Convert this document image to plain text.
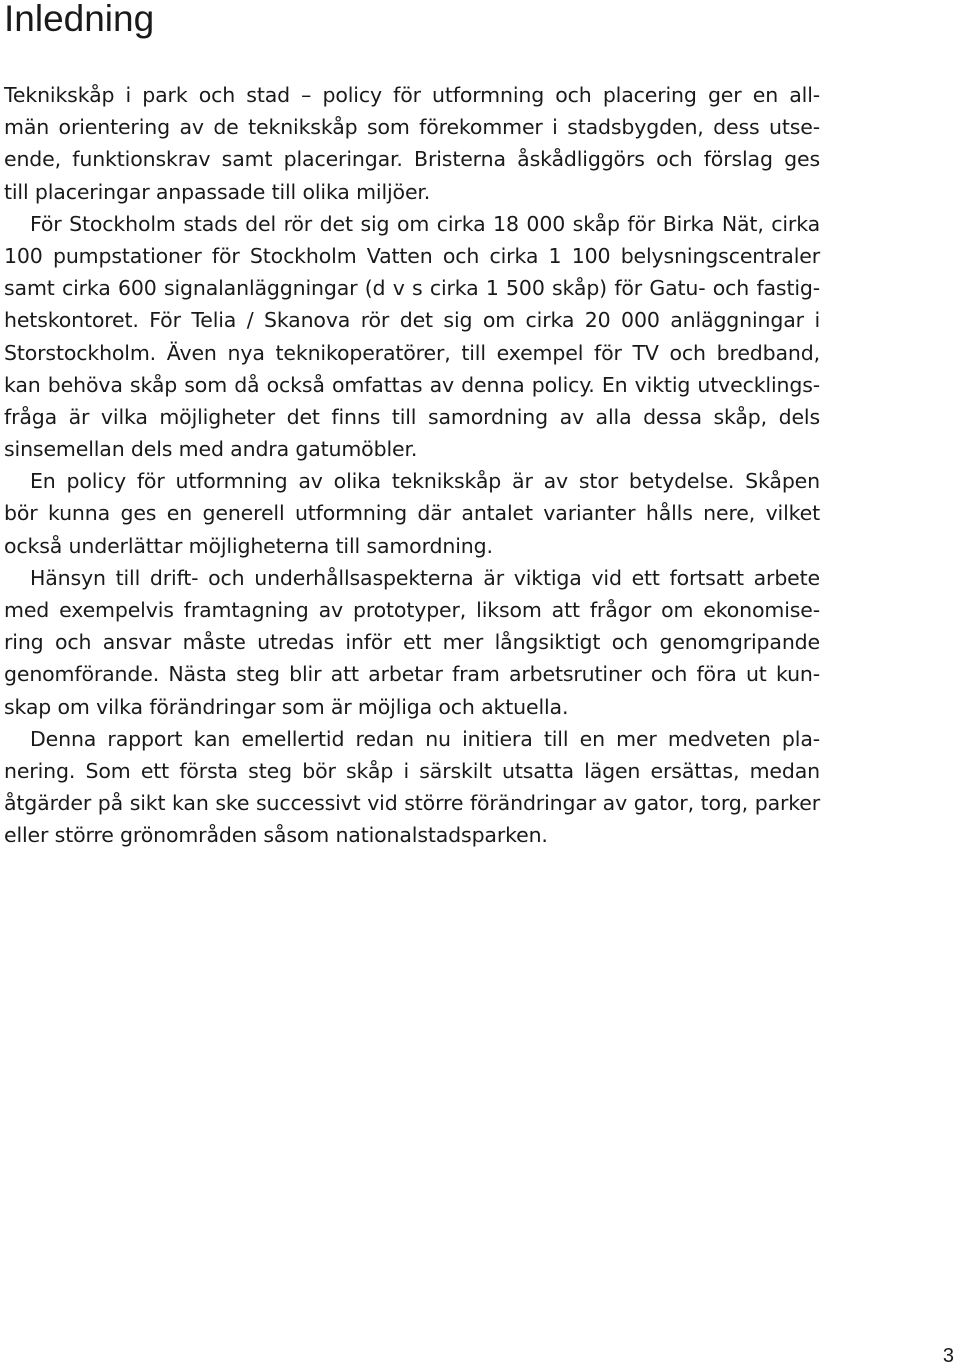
Inledning
Teknikskåp i park och stad – policy för utformning och placering ger en all-
män orientering av de teknikskåp som förekommer i stadsbygden, dess utse-
ende, funktionskrav samt placeringar. Bristerna åskådliggörs och förslag ges
till placeringar anpassade till olika miljöer.
För Stockholm stads del rör det sig om cirka 18 000 skåp för Birka Nät, cirka
100 pumpstationer för Stockholm Vatten och cirka 1 100 belysningscentraler
samt cirka 600 signalanläggningar (d v s cirka 1 500 skåp) för Gatu- och fastig-
hetskontoret. För Telia / Skanova rör det sig om cirka 20 000 anläggningar i
Storstockholm. Även nya teknikoperatörer, till exempel för TV och bredband,
kan behöva skåp som då också omfattas av denna policy. En viktig utvecklings-
fråga är vilka möjligheter det finns till samordning av alla dessa skåp, dels
sinsemellan dels med andra gatumöbler.
En policy för utformning av olika teknikskåp är av stor betydelse. Skåpen
bör kunna ges en generell utformning där antalet varianter hålls nere, vilket
också underlättar möjligheterna till samordning.
Hänsyn till drift- och underhållsaspekterna är viktiga vid ett fortsatt arbete
med exempelvis framtagning av prototyper, liksom att frågor om ekonomise-
ring och ansvar måste utredas inför ett mer långsiktigt och genomgripande
genomförande. Nästa steg blir att arbetar fram arbetsrutiner och föra ut kun-
skap om vilka förändringar som är möjliga och aktuella.
Denna rapport kan emellertid redan nu initiera till en mer medveten pla-
nering. Som ett första steg bör skåp i särskilt utsatta lägen ersättas, medan
åtgärder på sikt kan ske successivt vid större förändringar av gator, torg, parker
eller större grönområden såsom nationalstadsparken.
3
